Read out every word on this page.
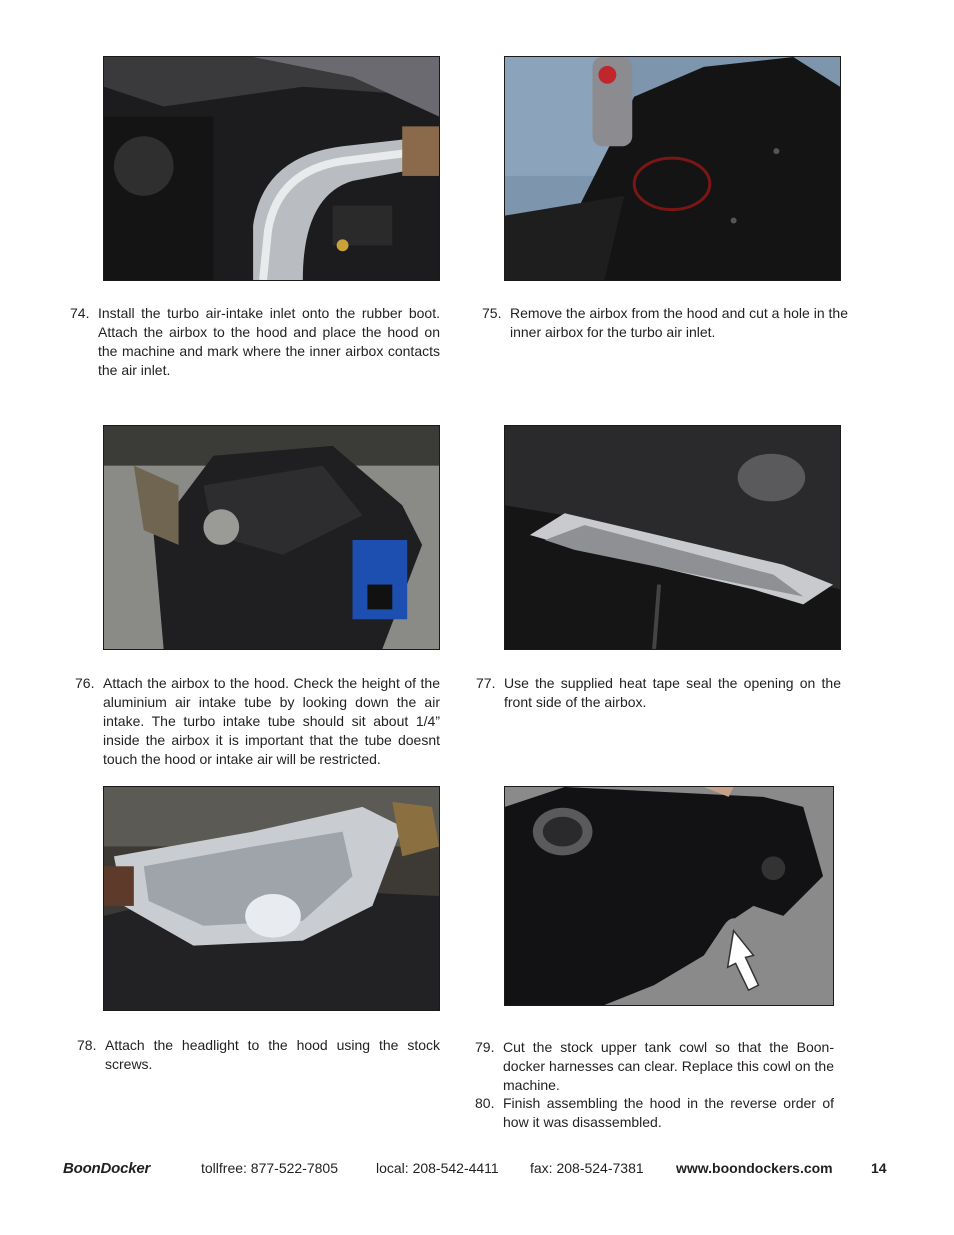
74. Install the turbo air-intake inlet onto the rubber boot. Attach the airbox to the hood and place the hood on the machine and mark where the inner airbox contacts the air inlet.
75. Remove the airbox from the hood and cut a hole in the inner airbox for the turbo air inlet.
76. Attach the airbox to the hood. Check the height of the aluminium air intake tube by looking down the air intake. The turbo intake tube should sit about 1/4” inside the airbox it is important that the tube doesnt touch the hood or intake air will be restricted.
77. Use the supplied heat tape seal the opening on the front side of the airbox.
78. Attach the headlight to the hood using the stock screws.
79. Cut the stock upper tank cowl so that the Boon-docker harnesses can clear. Replace this cowl on the machine.
80. Finish assembling the hood in the reverse order of how it was disassembled.
BoonDocker	tollfree: 877-522-7805	local: 208-542-4411 fax: 208-524-7381 www.boondockers.com	14
